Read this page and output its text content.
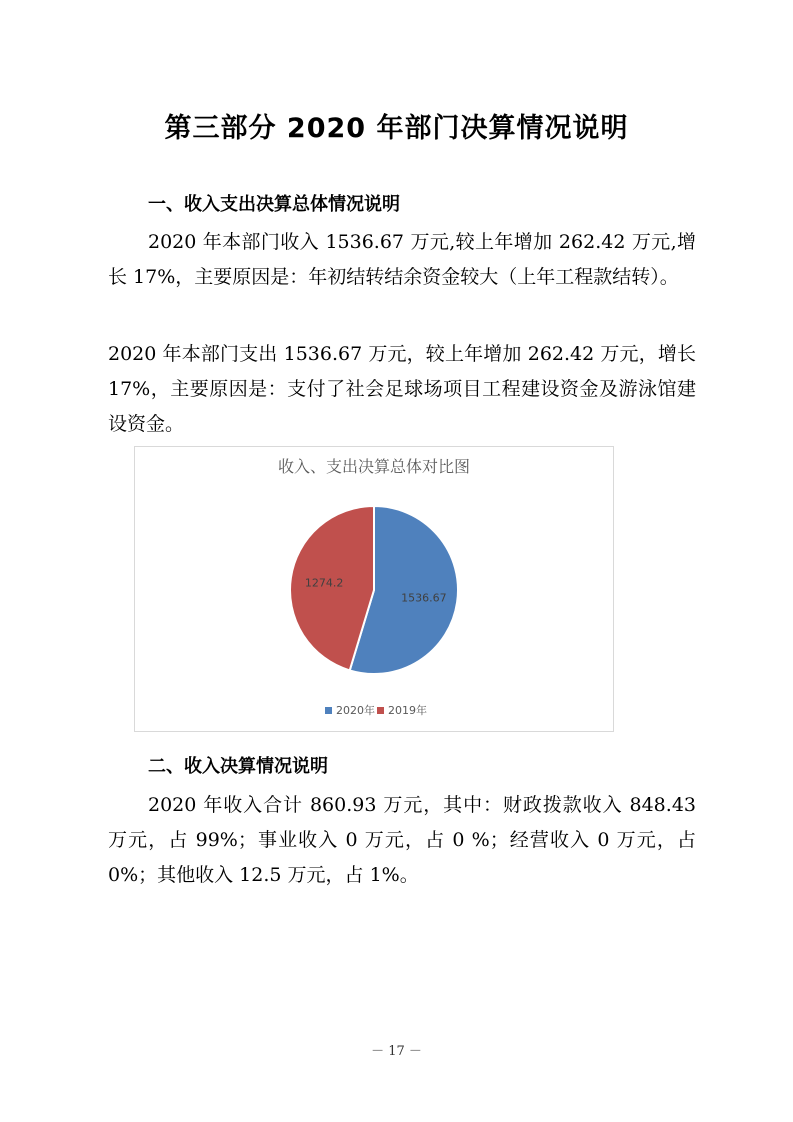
第三部分 2020 年部门决算情况说明
一、收入支出决算总体情况说明

2020 年本部门收入 1536.67 万元,较上年增加 262.42 万元,增长 17%，主要原因是：年初结转结余资金较大（上年工程款结转）。

2020 年本部门支出 1536.67 万元，较上年增加 262.42 万元，增长 17%，主要原因是：支付了社会足球场项目工程建设资金及游泳馆建设资金。

收入、支出决算总体对比图
1536.67
1274.2
2020年 2019年
二、收入决算情况说明

2020 年收入合计 860.93 万元，其中：财政拨款收入 848.43 万元，占 99%；事业收入 0 万元，占 0 %；经营收入 0 万元，占 0%；其他收入 12.5 万元，占 1%。

－ 17 －
